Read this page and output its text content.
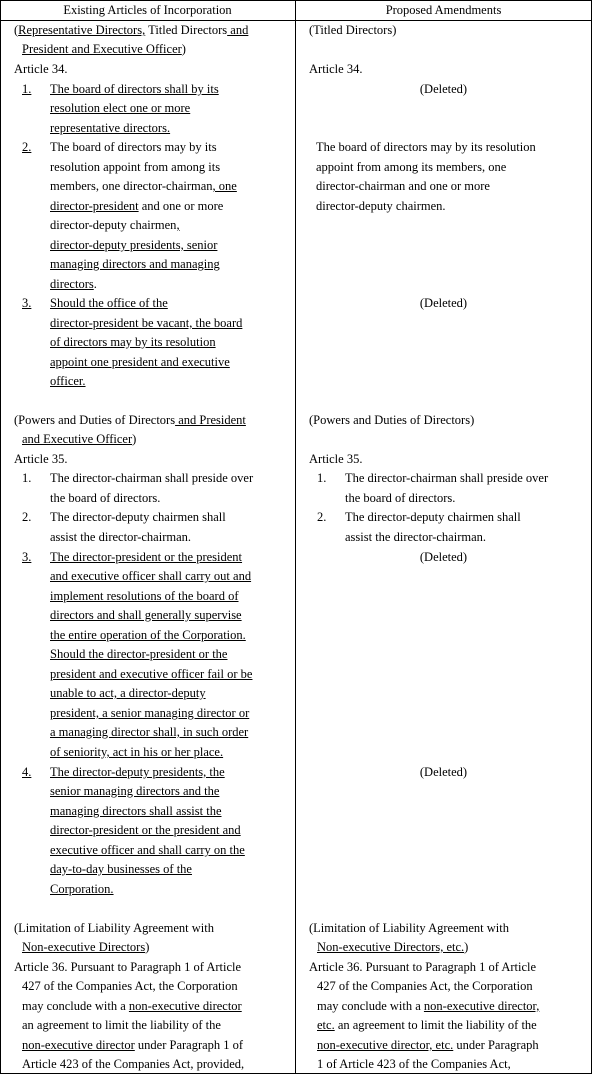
Existing Articles of Incorporation	Proposed Amendments
(Representative Directors, Titled Directors and
President and Executive Officer)
Article 34.
1. The board of directors shall by its
resolution elect one or more
representative directors.
2. The board of directors may by its
resolution appoint from among its
members, one director-chairman, one
director-president and one or more
director-deputy chairmen,
director-deputy presidents, senior
managing directors and managing
directors.
3. Should the office of the
director-president be vacant, the board
of directors may by its resolution
appoint one president and executive
officer.
(Powers and Duties of Directors and President
and Executive Officer)
Article 35.
1. The director-chairman shall preside over
the board of directors.
2. The director-deputy chairmen shall
assist the director-chairman.
3. The director-president or the president
and executive officer shall carry out and
implement resolutions of the board of
directors and shall generally supervise
the entire operation of the Corporation.
Should the director-president or the
president and executive officer fail or be
unable to act, a director-deputy
president, a senior managing director or
a managing director shall, in such order
of seniority, act in his or her place.
4. The director-deputy presidents, the
senior managing directors and the
managing directors shall assist the
director-president or the president and
executive officer and shall carry on the
day-to-day businesses of the
Corporation.
(Limitation of Liability Agreement with
Non-executive Directors)
Article 36. Pursuant to Paragraph 1 of Article
427 of the Companies Act, the Corporation
may conclude with a non-executive director
an agreement to limit the liability of the
non-executive director under Paragraph 1 of
Article 423 of the Companies Act, provided,
(Titled Directors)
Article 34.
(Deleted)
The board of directors may by its resolution
appoint from among its members, one
director-chairman and one or more
director-deputy chairmen.
(Deleted)
(Powers and Duties of Directors)
Article 35.
1. The director-chairman shall preside over
the board of directors.
2. The director-deputy chairmen shall
assist the director-chairman.
(Deleted)
(Deleted)
(Limitation of Liability Agreement with
Non-executive Directors, etc.)
Article 36. Pursuant to Paragraph 1 of Article
427 of the Companies Act, the Corporation
may conclude with a non-executive director,
etc. an agreement to limit the liability of the
non-executive director, etc. under Paragraph
1 of Article 423 of the Companies Act,
